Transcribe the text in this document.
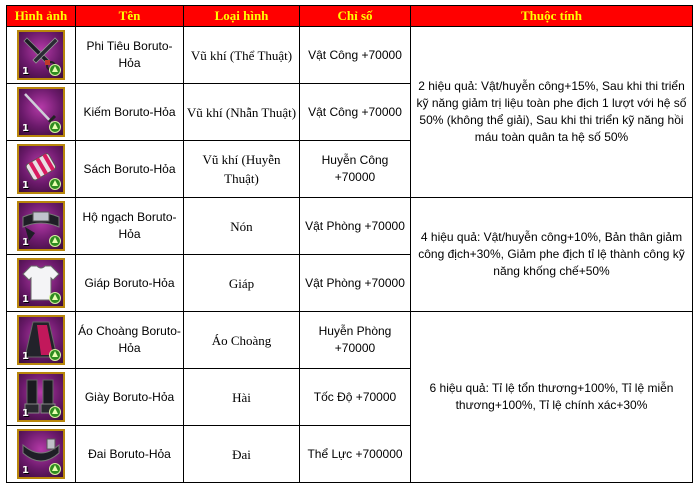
Hình ảnh	Tên	Loại hình	Chỉ số	Thuộc tính

1	Phi Tiêu Boruto-Hỏa	Vũ khí (Thể Thuật)	Vật Công +70000	2 hiệu quả: Vật/huyễn công+15%, Sau khi thi triển kỹ năng giảm trị liệu toàn phe địch 1 lượt với hệ số 50% (không thể giải), Sau khi thi triển kỹ năng hồi máu toàn quân ta hệ số 50%

1	Kiếm Boruto-Hỏa	Vũ khí (Nhẫn Thuật)	Vật Công +70000	

1	Sách Boruto-Hỏa	Vũ khí (Huyễn Thuật)	Huyễn Công +70000	

1	Hộ ngạch Boruto-Hỏa	Nón	Vật Phòng +70000	4 hiệu quả: Vật/huyễn công+10%, Bản thân giảm công địch+30%, Giảm phe địch tỉ lệ thành công kỹ năng khống chế+50%

1	Giáp Boruto-Hỏa	Giáp	Vật Phòng +70000	

1	Áo Choàng Boruto-Hỏa	Áo Choàng	Huyễn Phòng +70000	6 hiệu quả: Tỉ lệ tổn thương+100%, Tỉ lệ miễn thương+100%, Tỉ lệ chính xác+30%

1	Giày Boruto-Hỏa	Hài	Tốc Độ +70000	

1	Đai Boruto-Hỏa	Đai	Thể Lực +700000	
